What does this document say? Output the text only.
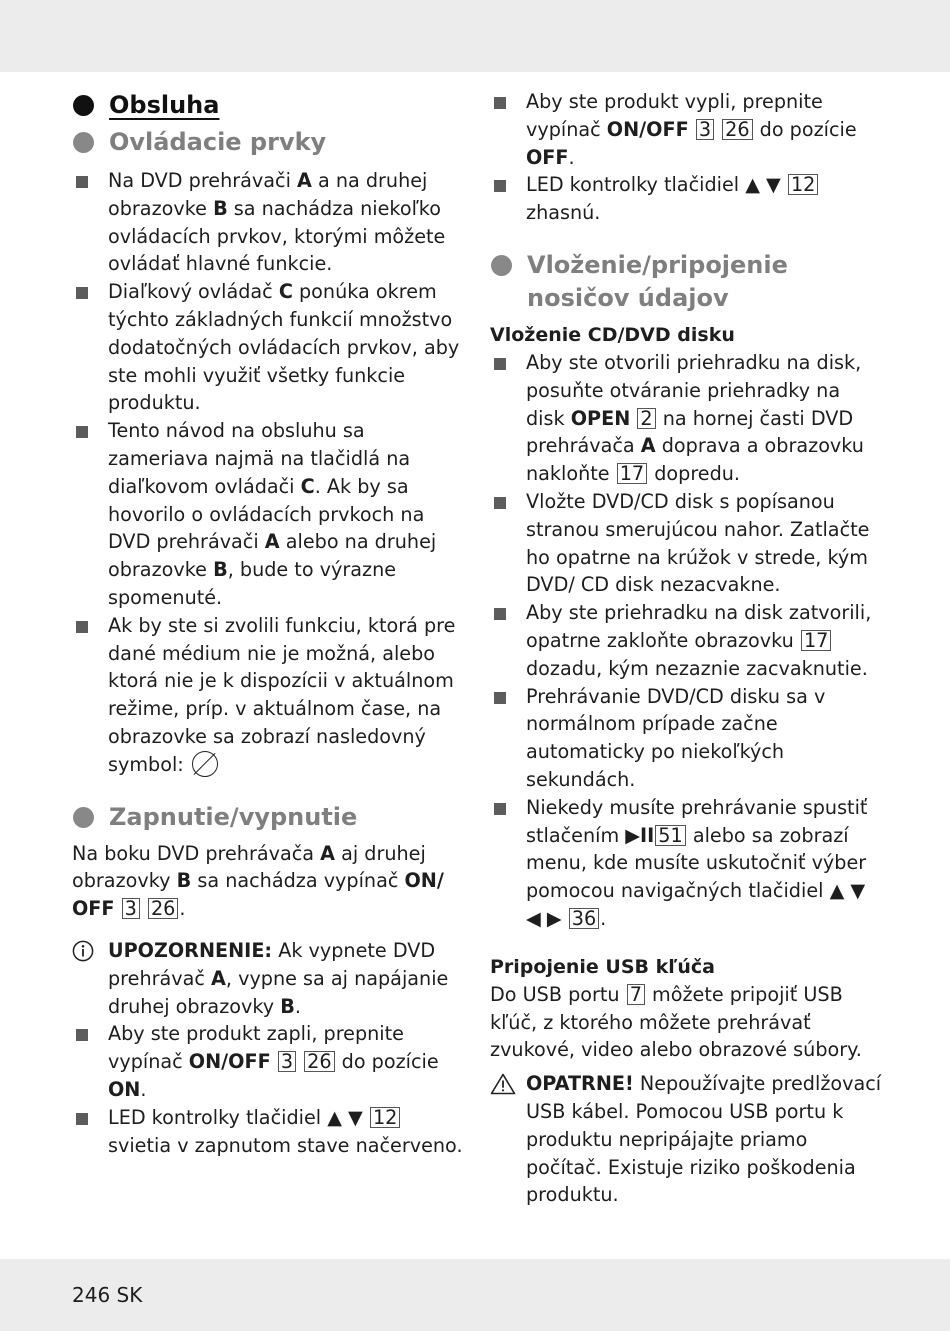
Obsluha
Ovládacie prvky

Na DVD prehrávači A a na druhej obrazovke B sa nachádza niekoľko ovládacích prvkov, ktorými môžete ovládať hlavné funkcie.

Diaľkový ovládač C ponúka okrem týchto základných funkcií množstvo dodatočných ovládacích prvkov, aby ste mohli využiť všetky funkcie produktu.

Tento návod na obsluhu sa zameriava najmä na tlačidlá na diaľkovom ovládači C. Ak by sa hovorilo o ovládacích prvkoch na DVD prehrávači A alebo na druhej obrazovke B, bude to výrazne spomenuté.

Ak by ste si zvolili funkciu, ktorá pre dané médium nie je možná, alebo ktorá nie je k dispozícii v aktuálnom režime, príp. v aktuálnom čase, na obrazovke sa zobrazí nasledovný symbol:

Zapnutie/vypnutie

Na boku DVD prehrávača A aj druhej obrazovky B sa nachádza vypínač ON/ OFF 3 26 .

UPOZORNENIE: Ak vypnete DVD prehrávač A, vypne sa aj napájanie druhej obrazovky B.

Aby ste produkt zapli, prepnite vypínač ON/OFF 3 26 do pozície ON.

LED kontrolky tlačidiel ▲ ▼ 12 svietia v zapnutom stave načerveno.

Aby ste produkt vypli, prepnite vypínač ON/OFF 3 26 do pozície OFF.

LED kontrolky tlačidiel ▲ ▼ 12 zhasnú.

Vloženie/pripojenie
nosičov údajov

Vloženie CD/DVD disku

Aby ste otvorili priehradku na disk, posuňte otváranie priehradky na disk OPEN 2 na hornej časti DVD prehrávača A doprava a obrazovku nakloňte 17 dopredu.

Vložte DVD/CD disk s popísanou stranou smerujúcou nahor. Zatlačte ho opatrne na krúžok v strede, kým DVD/ CD disk nezacvakne.

Aby ste priehradku na disk zatvorili, opatrne zakloňte obrazovku 17 dozadu, kým nezaznie zacvaknutie.

Prehrávanie DVD/CD disku sa v normálnom prípade začne automaticky po niekoľkých sekundách.

Niekedy musíte prehrávanie spustiť stlačením ▶II 51 alebo sa zobrazí menu, kde musíte uskutočniť výber pomocou navigačných tlačidiel ▲ ▼ ◀ ▶ 36 .

Pripojenie USB kľúča

Do USB portu 7 môžete pripojiť USB kľúč, z ktorého môžete prehrávať zvukové, video alebo obrazové súbory.

OPATRNE! Nepoužívajte predlžovací USB kábel. Pomocou USB portu k produktu nepripájajte priamo počítač. Existuje riziko poškodenia produktu.

246 SK
